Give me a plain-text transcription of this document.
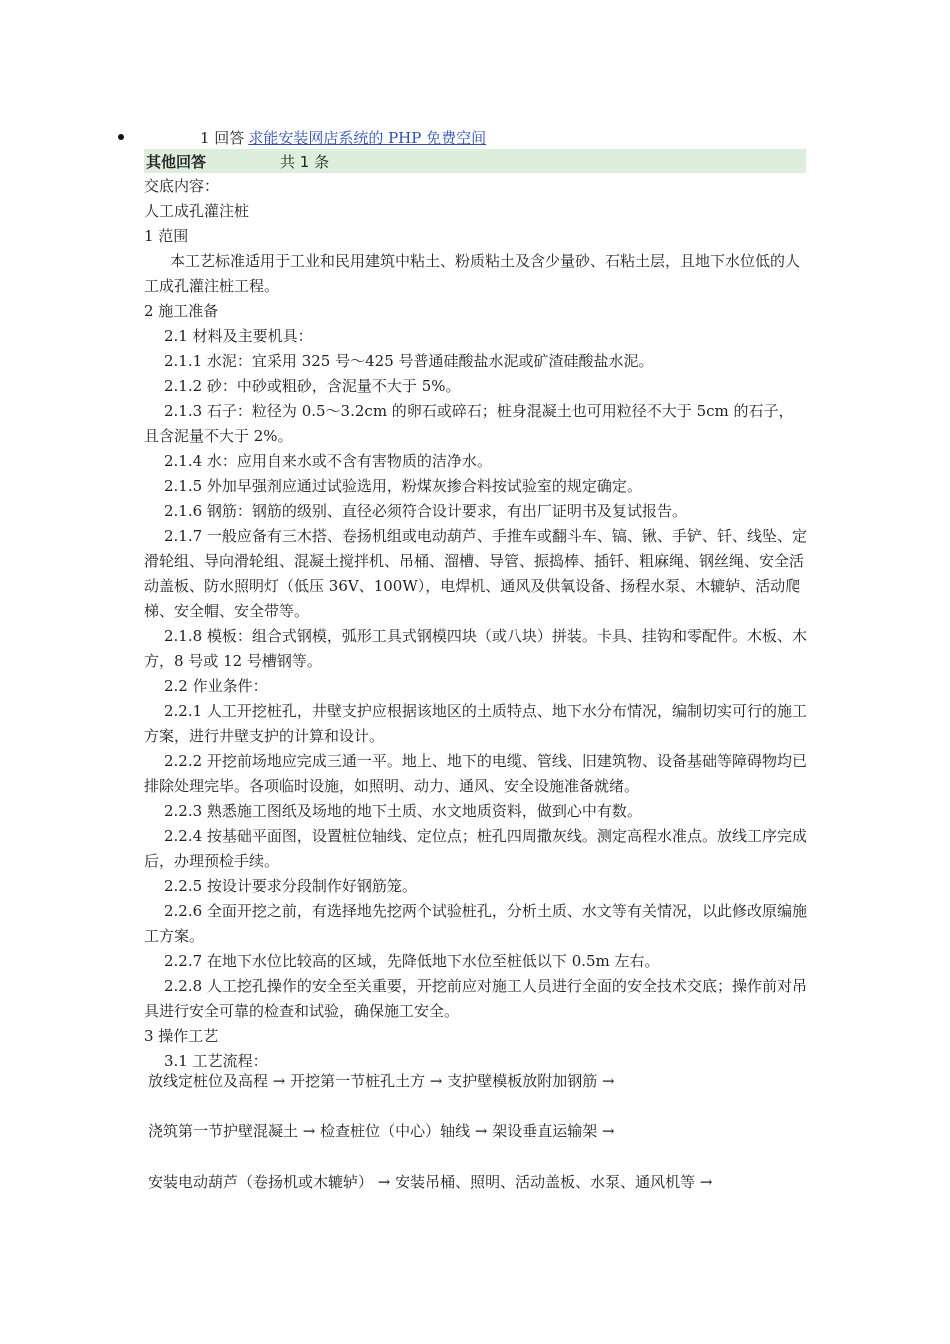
1 回答 求能安装网店系统的 PHP 免费空间
其他回答	共 1 条

交底内容：

人工成孔灌注桩

1 范围

本工艺标准适用于工业和民用建筑中粘土、粉质粘土及含少量砂、石粘土层，且地下水位低的人工成孔灌注桩工程。

2 施工准备

2.1 材料及主要机具：

2.1.1 水泥：宜采用 325 号～425 号普通硅酸盐水泥或矿渣硅酸盐水泥。

2.1.2 砂：中砂或粗砂，含泥量不大于 5%。

2.1.3 石子：粒径为 0.5～3.2cm 的卵石或碎石；桩身混凝土也可用粒径不大于 5cm 的石子，且含泥量不大于 2%。

2.1.4 水：应用自来水或不含有害物质的洁净水。

2.1.5 外加早强剂应通过试验选用，粉煤灰掺合料按试验室的规定确定。

2.1.6 钢筋：钢筋的级别、直径必须符合设计要求，有出厂证明书及复试报告。

2.1.7 一般应备有三木搭、卷扬机组或电动葫芦、手推车或翻斗车、镐、锹、手铲、钎、线坠、定滑轮组、导向滑轮组、混凝土搅拌机、吊桶、溜槽、导管、振捣棒、插钎、粗麻绳、钢丝绳、安全活动盖板、防水照明灯（低压 36V、100W），电焊机、通风及供氧设备、扬程水泵、木辘轳、活动爬梯、安全帽、安全带等。

2.1.8 模板：组合式钢模，弧形工具式钢模四块（或八块）拼装。卡具、挂钩和零配件。木板、木方，8 号或 12 号槽钢等。

2.2 作业条件：

2.2.1 人工开挖桩孔，井壁支护应根据该地区的土质特点、地下水分布情况，编制切实可行的施工方案，进行井壁支护的计算和设计。

2.2.2 开挖前场地应完成三通一平。地上、地下的电缆、管线、旧建筑物、设备基础等障碍物均已排除处理完毕。各项临时设施，如照明、动力、通风、安全设施准备就绪。

2.2.3 熟悉施工图纸及场地的地下土质、水文地质资料，做到心中有数。

2.2.4 按基础平面图，设置桩位轴线、定位点；桩孔四周撒灰线。测定高程水准点。放线工序完成后，办理预检手续。

2.2.5 按设计要求分段制作好钢筋笼。

2.2.6 全面开挖之前，有选择地先挖两个试验桩孔，分析土质、水文等有关情况，以此修改原编施工方案。

2.2.7 在地下水位比较高的区域，先降低地下水位至桩低以下 0.5m 左右。

2.2.8 人工挖孔操作的安全至关重要，开挖前应对施工人员进行全面的安全技术交底；操作前对吊具进行安全可靠的检查和试验，确保施工安全。

3 操作工艺

3.1 工艺流程：

放线定桩位及高程 → 开挖第一节桩孔土方 → 支护壁模板放附加钢筋 →
浇筑第一节护壁混凝土 → 检查桩位（中心）轴线 → 架设垂直运输架 →
安装电动葫芦（卷扬机或木辘轳） → 安装吊桶、照明、活动盖板、水泵、通风机等 →
